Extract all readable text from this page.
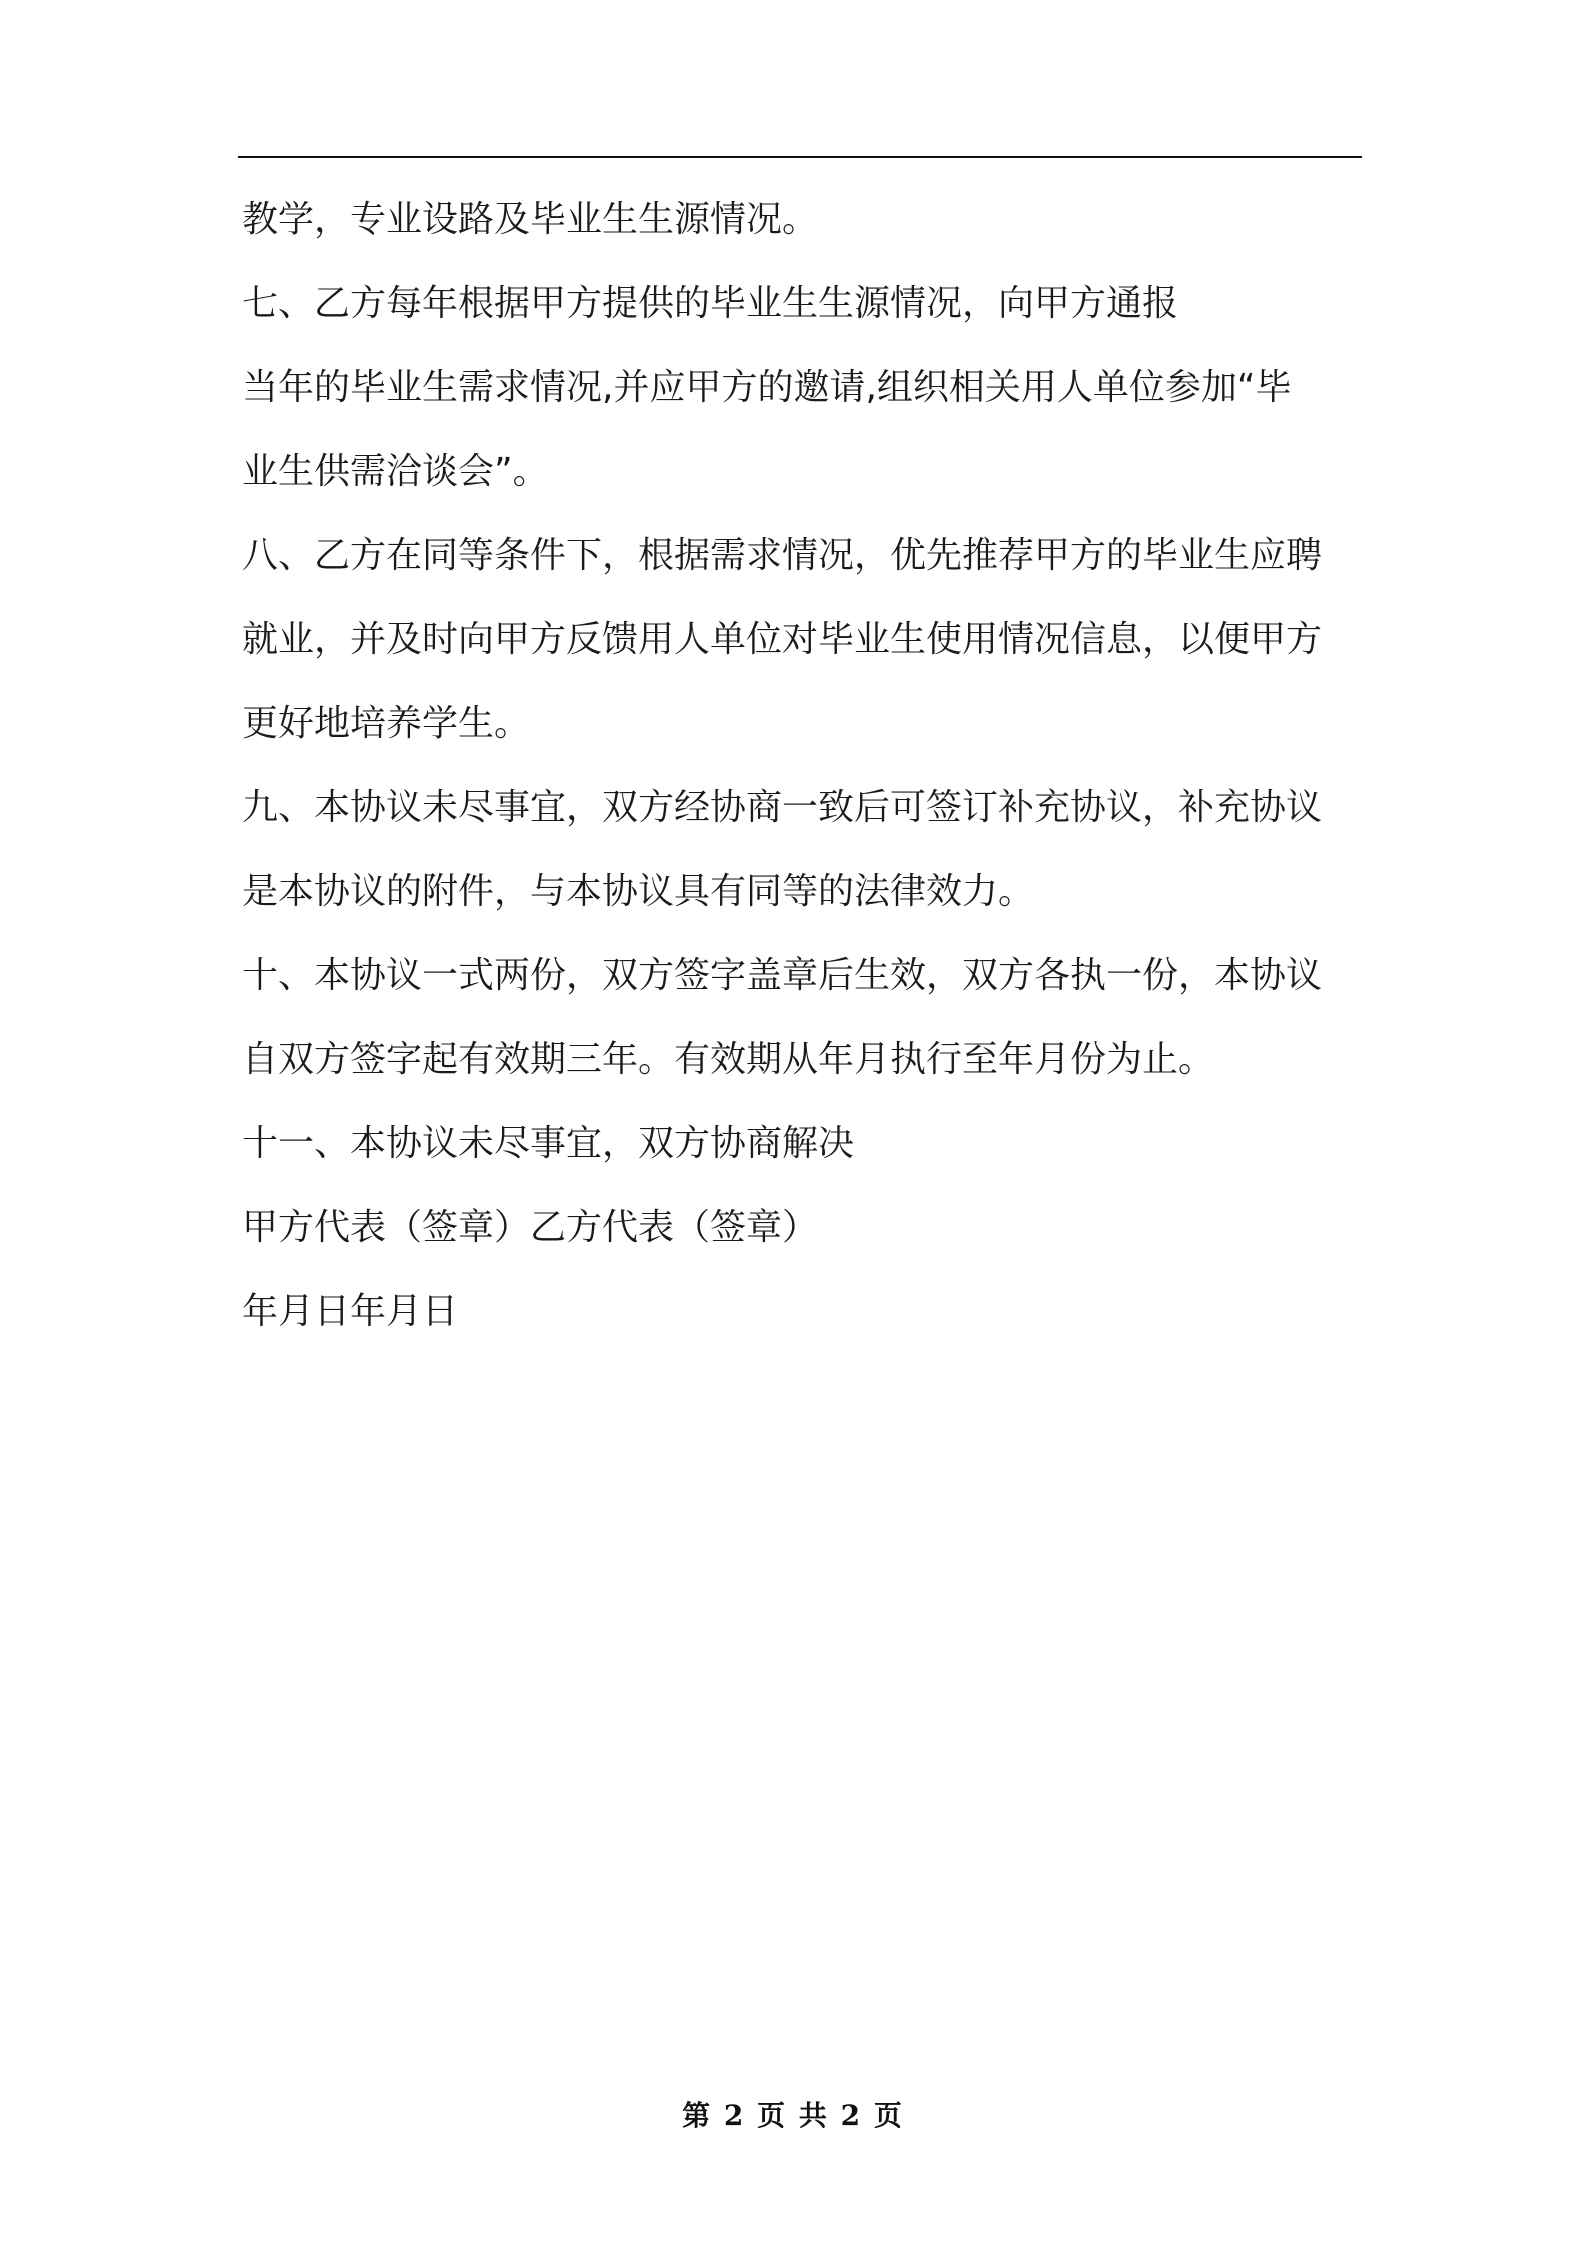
教学，专业设路及毕业生生源情况。
七、乙方每年根据甲方提供的毕业生生源情况，向甲方通报
当年的毕业生需求情况,并应甲方的邀请,组织相关用人单位参加“毕
业生供需洽谈会”。
八、乙方在同等条件下，根据需求情况，优先推荐甲方的毕业生应聘
就业，并及时向甲方反馈用人单位对毕业生使用情况信息，以便甲方
更好地培养学生。
九、本协议未尽事宜，双方经协商一致后可签订补充协议，补充协议
是本协议的附件，与本协议具有同等的法律效力。
十、本协议一式两份，双方签字盖章后生效，双方各执一份，本协议
自双方签字起有效期三年。有效期从年月执行至年月份为止。
十一、本协议未尽事宜，双方协商解决
甲方代表（签章）乙方代表（签章）
年月日年月日
第 2 页 共 2 页
